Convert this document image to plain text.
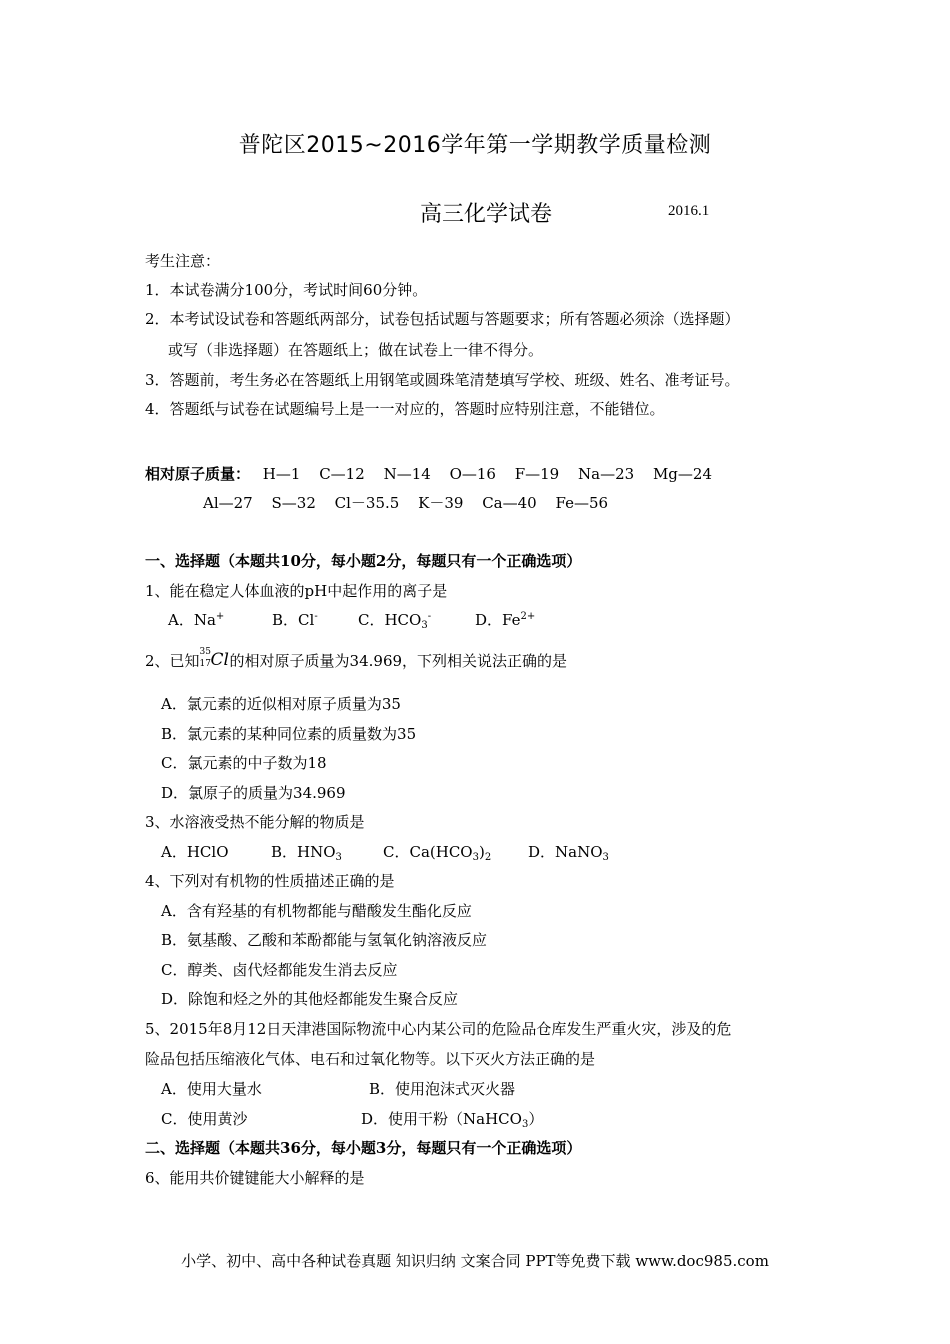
普陀区2015~2016学年第一学期教学质量检测
高三化学试卷	2016.1
考生注意：
1．本试卷满分100分，考试时间60分钟。
2．本考试设试卷和答题纸两部分，试卷包括试题与答题要求；所有答题必须涂（选择题）
或写（非选择题）在答题纸上；做在试卷上一律不得分。
3．答题前，考生务必在答题纸上用钢笔或圆珠笔清楚填写学校、班级、姓名、准考证号。
4．答题纸与试卷在试题编号上是一一对应的，答题时应特别注意，不能错位。
相对原子质量： H—1 C—12 N—14 O—16 F—19 Na—23 Mg—24
Al—27 S—32 Cl－35.5 K－39 Ca—40 Fe—56
一、选择题（本题共10分，每小题2分，每题只有一个正确选项）
1、能在稳定人体血液的pH中起作用的离子是
A．Na+	B．Cl-	C．$HCO_3^-$	D．$Fe^{2+}$
2、已知 35
17 Cl 的相对原子质量为34.969，下列相关说法正确的是
A．氯元素的近似相对原子质量为35
B．氯元素的某种同位素的质量数为35
C．氯元素的中子数为18
D．氯原子的质量为34.969
3、水溶液受热不能分解的物质是
A．HClO	B．$HNO_3$	C．$Ca(HCO_3)_2$ D．NaNO$_3$
4、下列对有机物的性质描述正确的是
A．含有羟基的有机物都能与醋酸发生酯化反应
B．氨基酸、乙酸和苯酚都能与氢氧化钠溶液反应
C．醇类、卤代烃都能发生消去反应
D．除饱和烃之外的其他烃都能发生聚合反应
5、2015年8月12日天津港国际物流中心内某公司的危险品仓库发生严重火灾，涉及的危
险品包括压缩液化气体、电石和过氧化物等。以下灭火方法正确的是
A．使用大量水	B．使用泡沫式灭火器
C．使用黄沙	D．使用干粉（NaHCO$_3$）
二、选择题（本题共36分，每小题3分，每题只有一个正确选项）
6、能用共价键键能大小解释的是
小学、初中、高中各种试卷真题 知识归纳 文案合同 PPT等免费下载 www.doc985.com
